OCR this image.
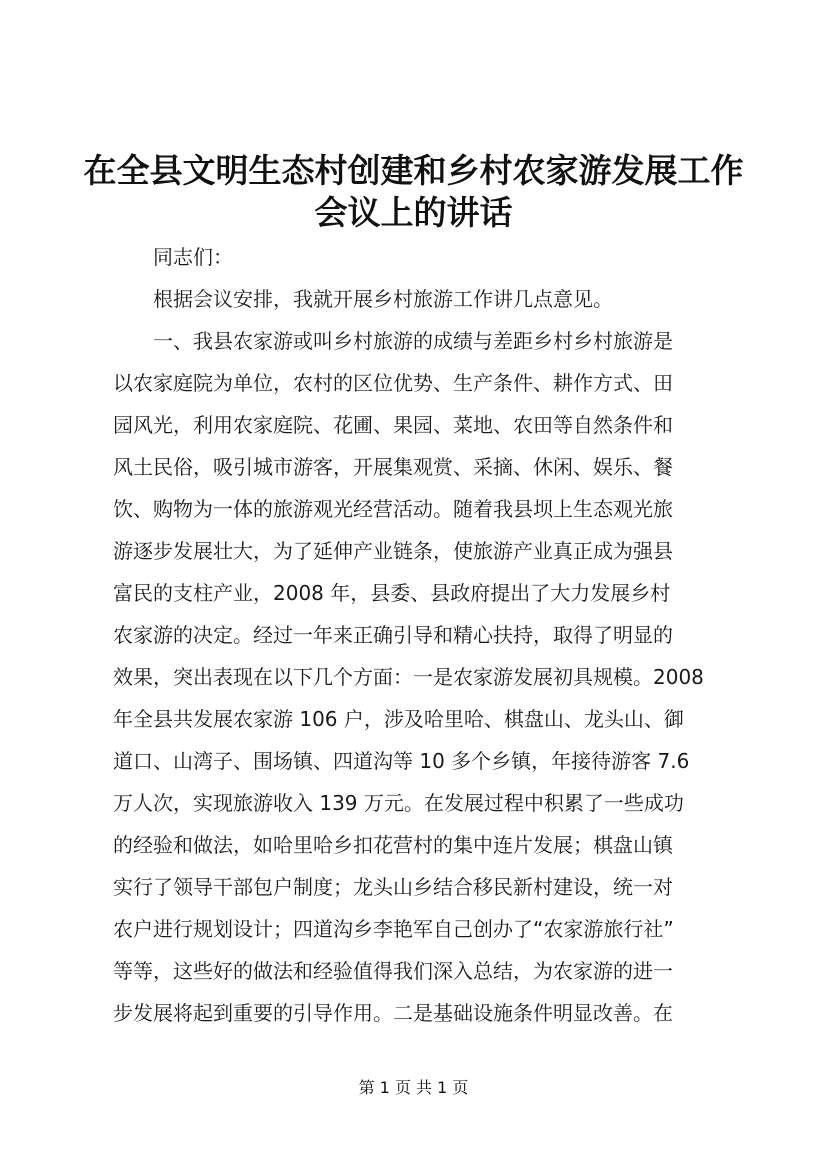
在全县文明生态村创建和乡村农家游发展工作
会议上的讲话
同志们：
根据会议安排，我就开展乡村旅游工作讲几点意见。
一、我县农家游或叫乡村旅游的成绩与差距乡村乡村旅游是
以农家庭院为单位，农村的区位优势、生产条件、耕作方式、田
园风光，利用农家庭院、花圃、果园、菜地、农田等自然条件和
风土民俗，吸引城市游客，开展集观赏、采摘、休闲、娱乐、餐
饮、购物为一体的旅游观光经营活动。随着我县坝上生态观光旅
游逐步发展壮大，为了延伸产业链条，使旅游产业真正成为强县
富民的支柱产业，2008 年，县委、县政府提出了大力发展乡村
农家游的决定。经过一年来正确引导和精心扶持，取得了明显的
效果，突出表现在以下几个方面：一是农家游发展初具规模。2008
年全县共发展农家游 106 户，涉及哈里哈、棋盘山、龙头山、御
道口、山湾子、围场镇、四道沟等 10 多个乡镇，年接待游客 7.6
万人次，实现旅游收入 139 万元。在发展过程中积累了一些成功
的经验和做法，如哈里哈乡扣花营村的集中连片发展；棋盘山镇
实行了领导干部包户制度；龙头山乡结合移民新村建设，统一对
农户进行规划设计；四道沟乡李艳军自己创办了“农家游旅行社”
等等，这些好的做法和经验值得我们深入总结，为农家游的进一
步发展将起到重要的引导作用。二是基础设施条件明显改善。在
第 1 页 共 1 页
